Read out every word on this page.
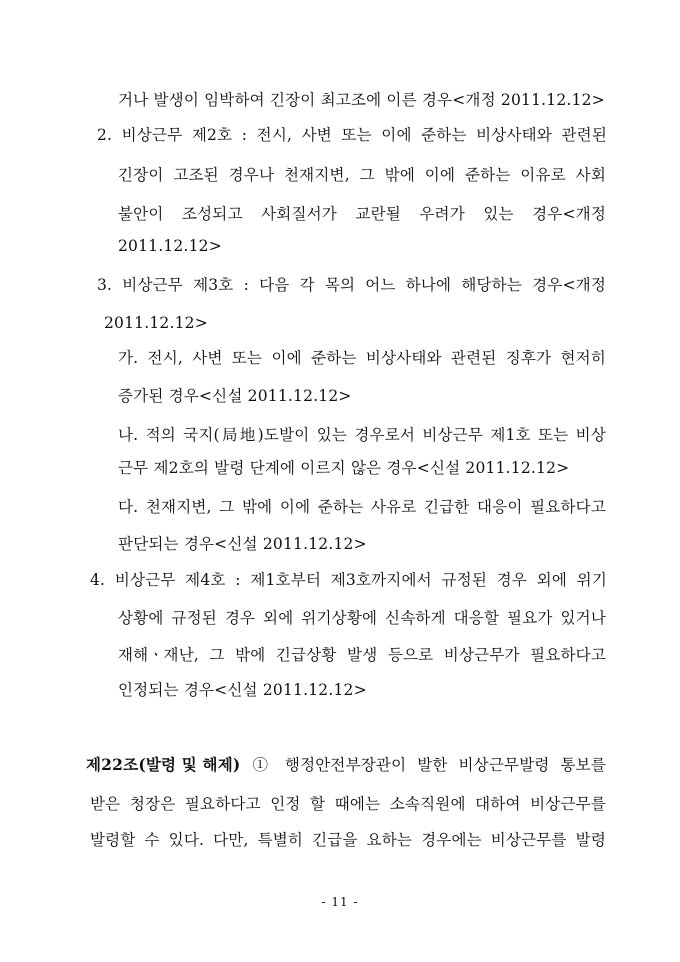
거나 발생이 임박하여 긴장이 최고조에 이른 경우<개정 2011.12.12>
2. 비상근무 제2호 : 전시, 사변 또는 이에 준하는 비상사태와 관련된
긴장이 고조된 경우나 천재지변, 그 밖에 이에 준하는 이유로 사회
불안이 조성되고 사회질서가 교란될 우려가 있는 경우<개정
2011.12.12>
3. 비상근무 제3호 : 다음 각 목의 어느 하나에 해당하는 경우<개정
2011.12.12>
가. 전시, 사변 또는 이에 준하는 비상사태와 관련된 징후가 현저히
증가된 경우<신설 2011.12.12>
나. 적의 국지(局地)도발이 있는 경우로서 비상근무 제1호 또는 비상
근무 제2호의 발령 단계에 이르지 않은 경우<신설 2011.12.12>
다. 천재지변, 그 밖에 이에 준하는 사유로 긴급한 대응이 필요하다고
판단되는 경우<신설 2011.12.12>
4. 비상근무 제4호 : 제1호부터 제3호까지에서 규정된 경우 외에 위기
상황에 규정된 경우 외에 위기상황에 신속하게 대응할 필요가 있거나
재해ㆍ재난, 그 밖에 긴급상황 발생 등으로 비상근무가 필요하다고
인정되는 경우<신설 2011.12.12>
제22조(발령 및 해제) ① 행정안전부장관이 발한 비상근무발령 통보를
받은 청장은 필요하다고 인정 할 때에는 소속직원에 대하여 비상근무를
발령할 수 있다. 다만, 특별히 긴급을 요하는 경우에는 비상근무를 발령
- 11 -
